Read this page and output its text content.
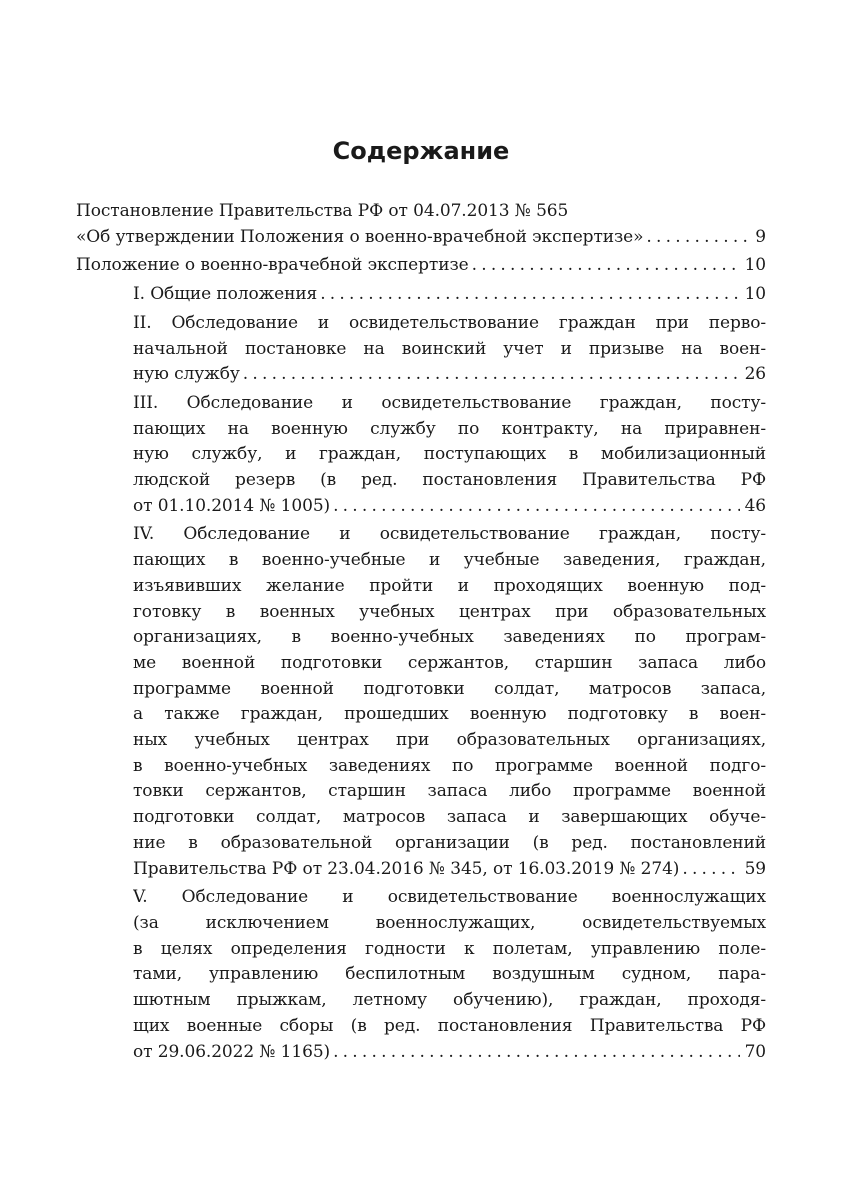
Содержание
Постановление Правительства РФ от 04.07.2013 № 565
«Об утверждении Положения о военно-врачебной экспертизе» . . .	9
Положение о военно-врачебной экспертизе . . .	10
I. Общие положения . . .	10
II. Обследование и освидетельствование граждан при перво-
начальной постановке на воинский учет и призыве на воен-
ную службу . . .	26
III. Обследование и освидетельствование граждан, посту-
пающих на военную службу по контракту, на приравнен-
ную службу, и граждан, поступающих в мобилизационный
людской резерв (в ред. постановления Правительства РФ
от 01.10.2014 № 1005) . . .	46
IV. Обследование и освидетельствование граждан, посту-
пающих в военно-учебные и учебные заведения, граждан,
изъявивших желание пройти и проходящих военную под-
готовку в военных учебных центрах при образовательных
организациях, в военно-учебных заведениях по програм-
ме военной подготовки сержантов, старшин запаса либо
программе военной подготовки солдат, матросов запаса,
а также граждан, прошедших военную подготовку в воен-
ных учебных центрах при образовательных организациях,
в военно-учебных заведениях по программе военной подго-
товки сержантов, старшин запаса либо программе военной
подготовки солдат, матросов запаса и завершающих обуче-
ние в образовательной организации (в ред. постановлений
Правительства РФ от 23.04.2016 № 345, от 16.03.2019 № 274) . . .	59
V. Обследование и освидетельствование военнослужащих
(за исключением военнослужащих, освидетельствуемых
в целях определения годности к полетам, управлению поле-
тами, управлению беспилотным воздушным судном, пара-
шютным прыжкам, летному обучению), граждан, проходя-
щих военные сборы (в ред. постановления Правительства РФ
от 29.06.2022 № 1165) . . .	70
